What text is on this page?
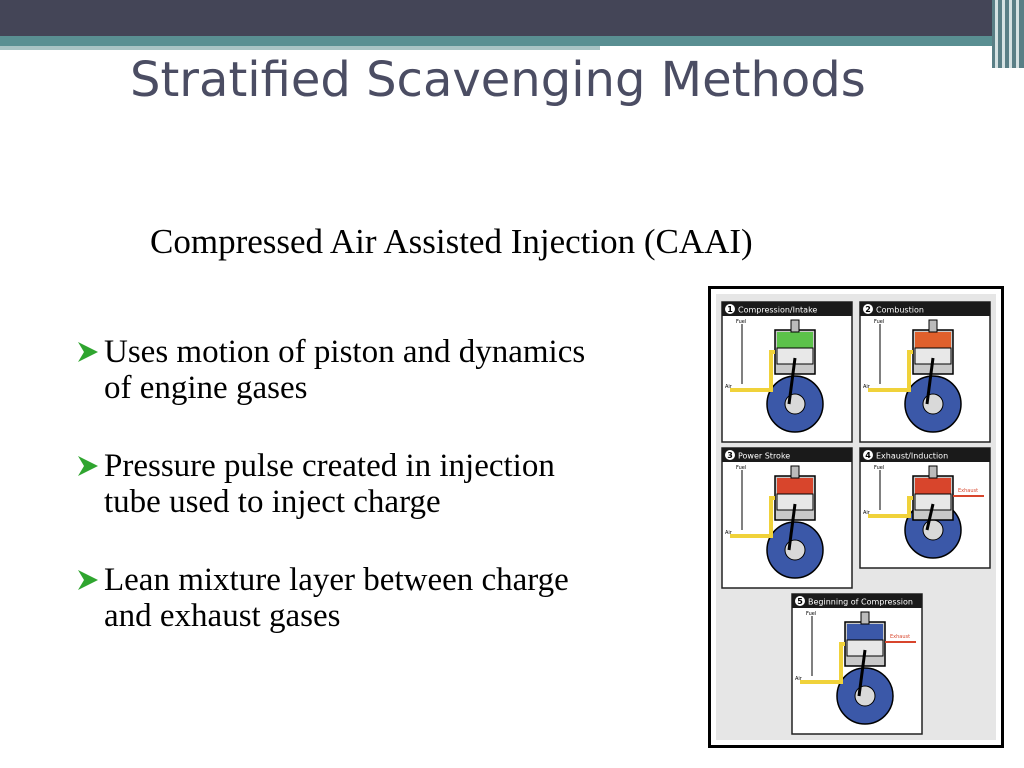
Stratified Scavenging Methods
Compressed Air Assisted Injection (CAAI)
Uses motion of piston and dynamics of engine gases
Pressure pulse created in injection tube used to inject charge
Lean mixture layer between charge and exhaust gases
1 Compression/Intake
Fuel
Air
2 Combustion
Fuel
Air
3 Power Stroke
Fuel
Air
4 Exhaust/Induction
Fuel
Air
Exhaust
5 Beginning of Compression
Fuel
Air
Exhaust
